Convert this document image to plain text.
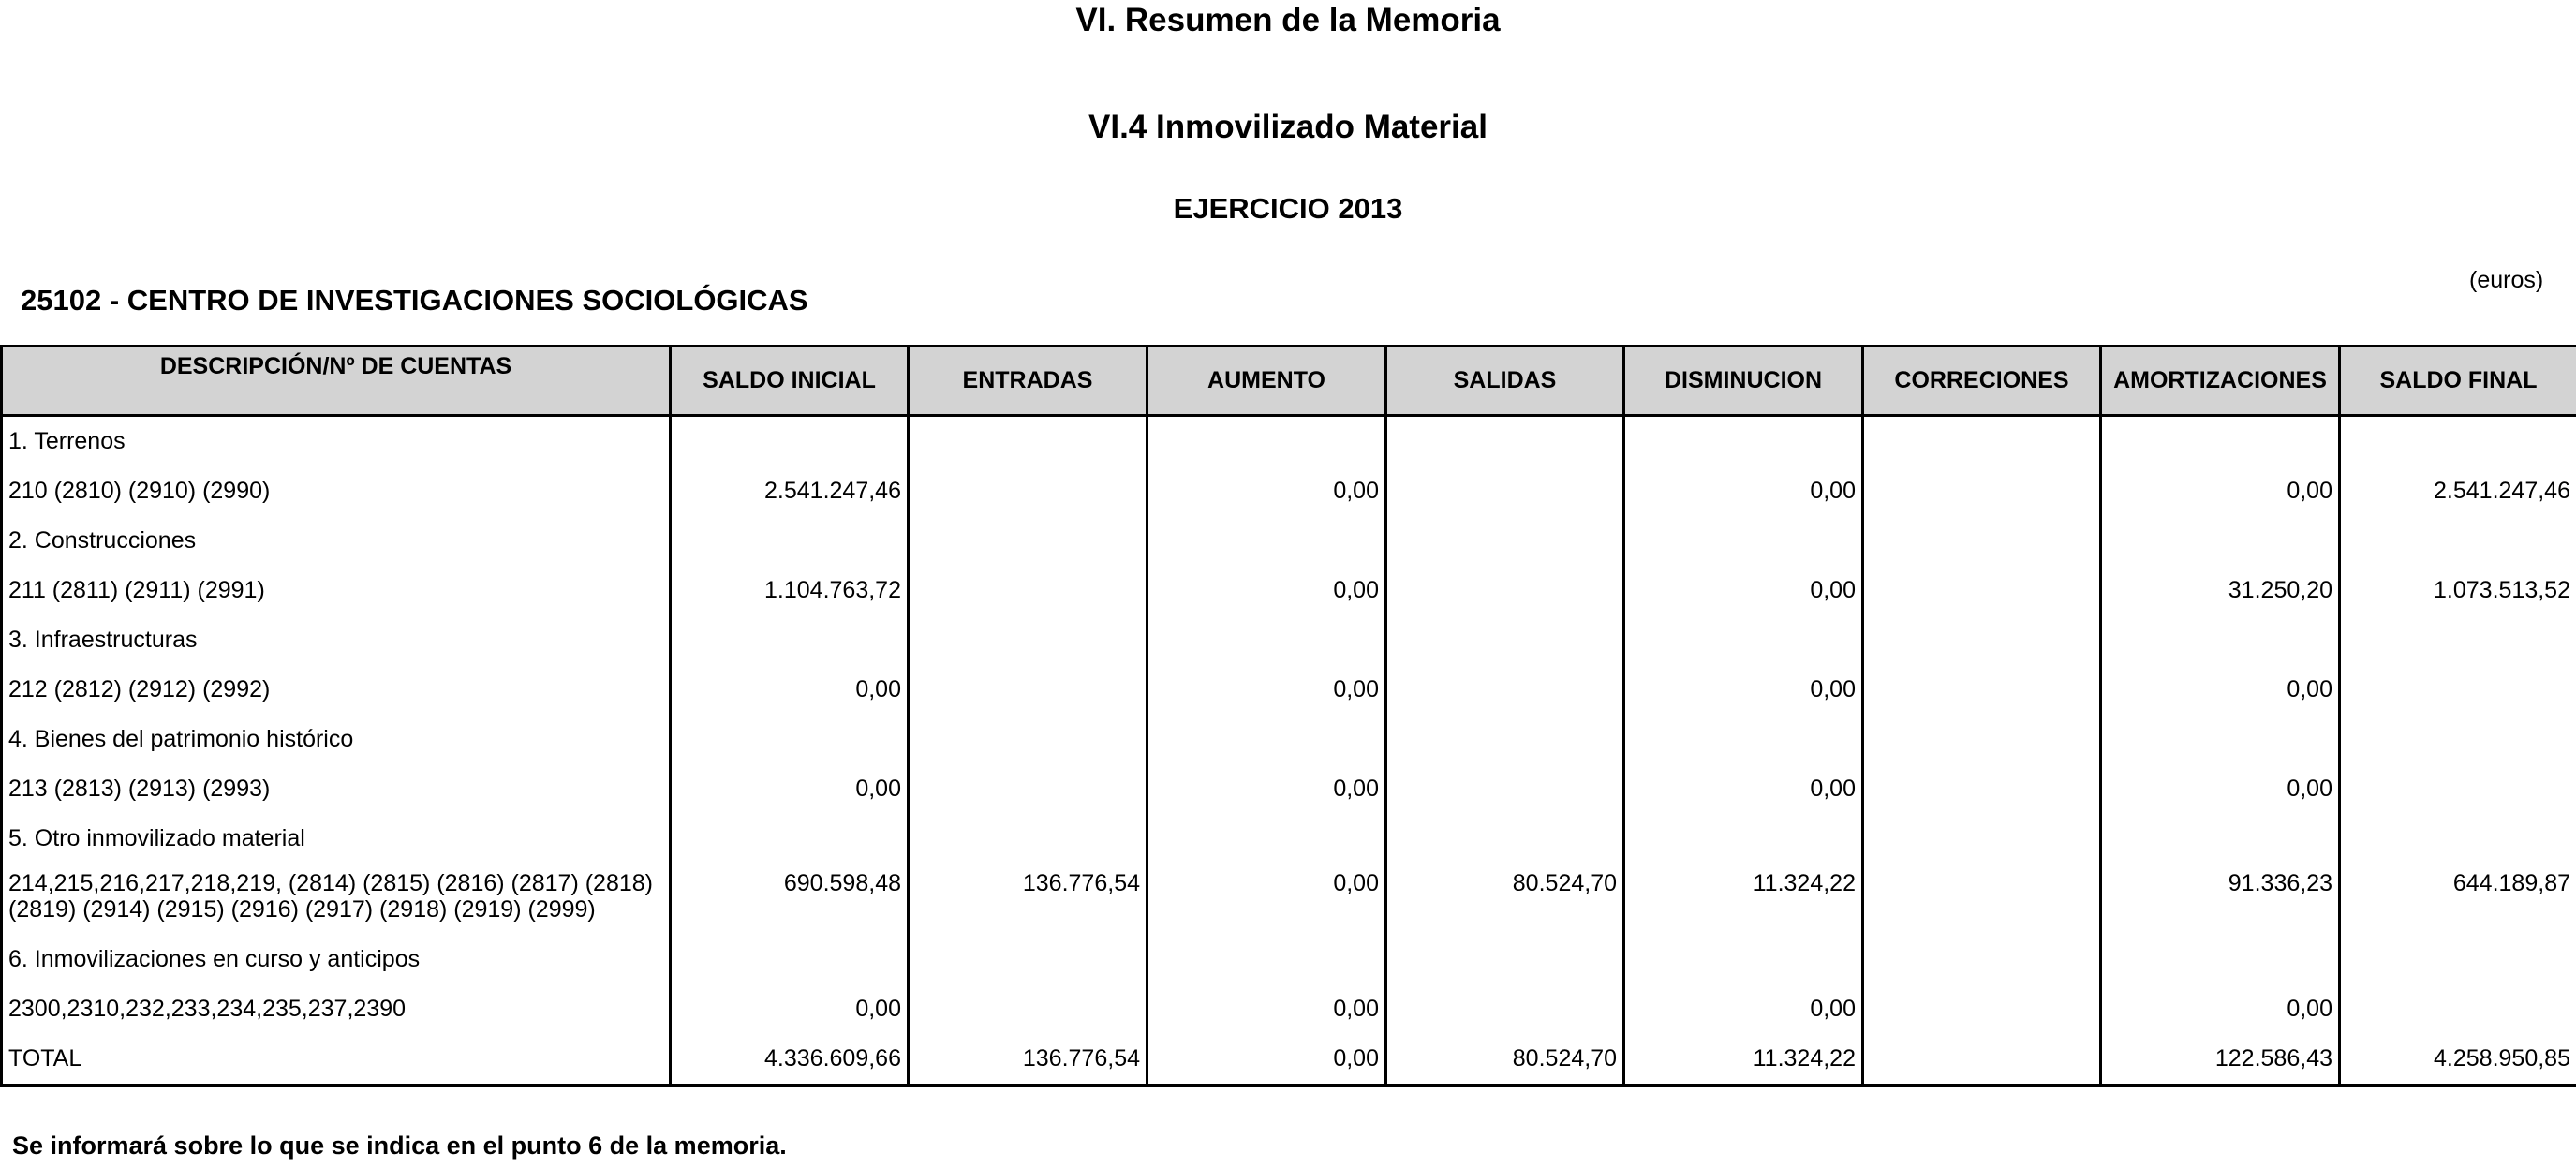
VI. Resumen de la Memoria
VI.4 Inmovilizado Material
EJERCICIO 2013
25102 - CENTRO DE INVESTIGACIONES SOCIOLÓGICAS
(euros)
DESCRIPCIÓN/Nº DE CUENTAS	SALDO INICIAL	ENTRADAS	AUMENTO	SALIDAS	DISMINUCION	CORRECIONES	AMORTIZACIONES	SALDO FINAL
1. Terrenos								
210 (2810) (2910) (2990)	2.541.247,46		0,00		0,00		0,00	2.541.247,46
2. Construcciones								
211 (2811) (2911) (2991)	1.104.763,72		0,00		0,00		31.250,20	1.073.513,52
3. Infraestructuras								
212 (2812) (2912) (2992)	0,00		0,00		0,00		0,00	
4. Bienes del patrimonio histórico								
213 (2813) (2913) (2993)	0,00		0,00		0,00		0,00	
5. Otro inmovilizado material								
214,215,216,217,218,219, (2814) (2815) (2816) (2817) (2818) (2819) (2914) (2915) (2916) (2917) (2918) (2919) (2999)	690.598,48	136.776,54	0,00	80.524,70	11.324,22		91.336,23	644.189,87
6. Inmovilizaciones en curso y anticipos								
2300,2310,232,233,234,235,237,2390	0,00		0,00		0,00		0,00	
TOTAL	4.336.609,66	136.776,54	0,00	80.524,70	11.324,22		122.586,43	4.258.950,85
Se informará sobre lo que se indica en el punto 6 de la memoria.
